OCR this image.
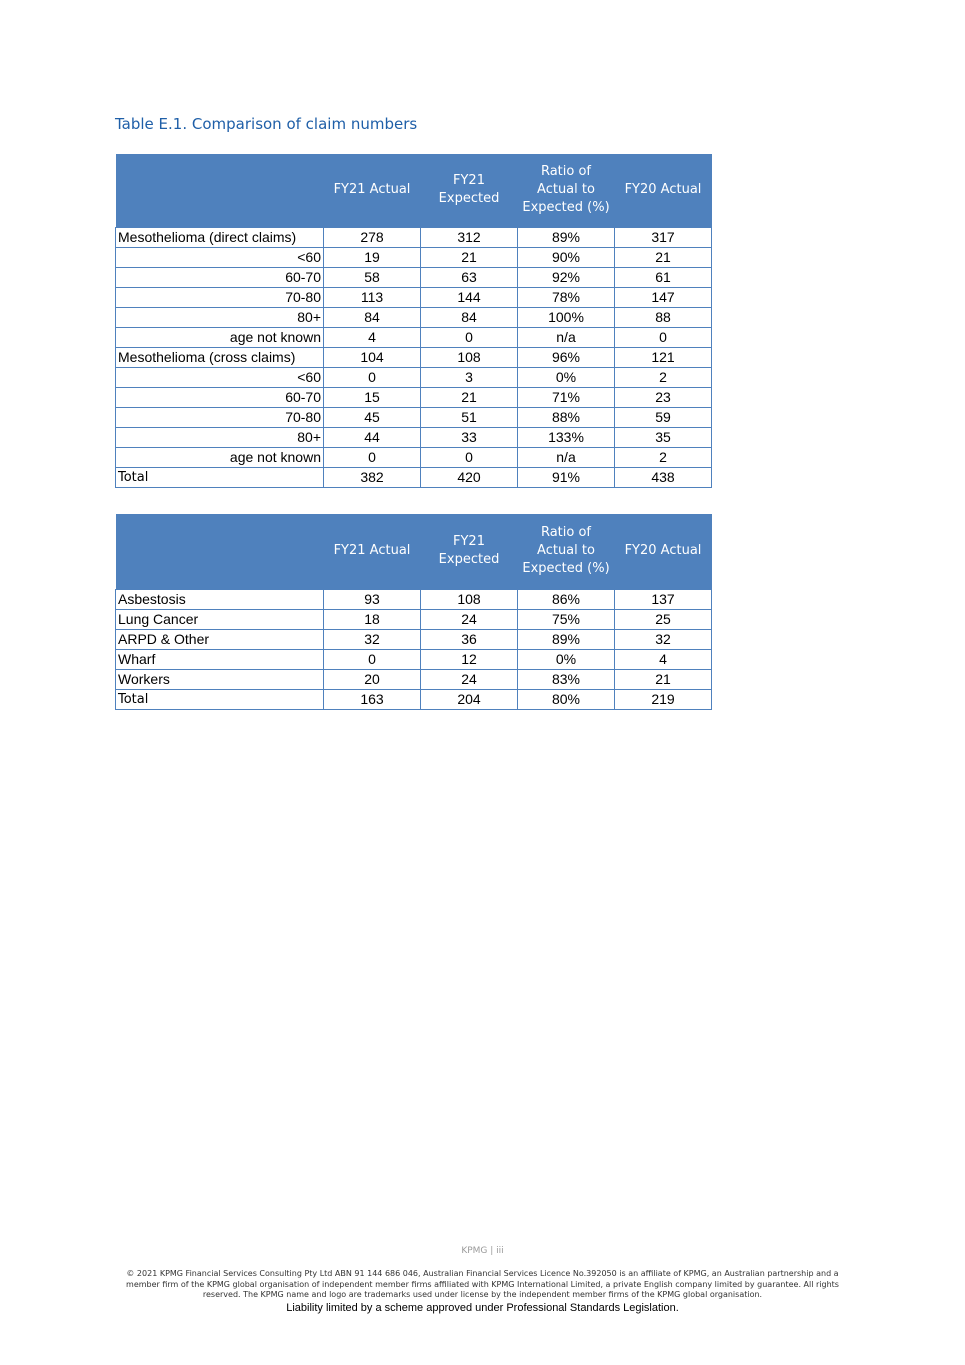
Table E.1. Comparison of claim numbers
	FY21 Actual	FY21 Expected	Ratio of Actual to Expected (%)	FY20 Actual
Mesothelioma (direct claims)	278	312	89%	317
<60	19	21	90%	21
60-70	58	63	92%	61
70-80	113	144	78%	147
80+	84	84	100%	88
age not known	4	0	n/a	0
Mesothelioma (cross claims)	104	108	96%	121
<60	0	3	0%	2
60-70	15	21	71%	23
70-80	45	51	88%	59
80+	44	33	133%	35
age not known	0	0	n/a	2
Total	382	420	91%	438
	FY21 Actual	FY21 Expected	Ratio of Actual to Expected (%)	FY20 Actual
Asbestosis	93	108	86%	137
Lung Cancer	18	24	75%	25
ARPD & Other	32	36	89%	32
Wharf	0	12	0%	4
Workers	20	24	83%	21
Total	163	204	80%	219
KPMG | iii
© 2021 KPMG Financial Services Consulting Pty Ltd ABN 91 144 686 046, Australian Financial Services Licence No.392050 is an affiliate of KPMG, an Australian partnership and a member firm of the KPMG global organisation of independent member firms affiliated with KPMG International Limited, a private English company limited by guarantee. All rights reserved. The KPMG name and logo are trademarks used under license by the independent member firms of the KPMG global organisation.
Liability limited by a scheme approved under Professional Standards Legislation.
